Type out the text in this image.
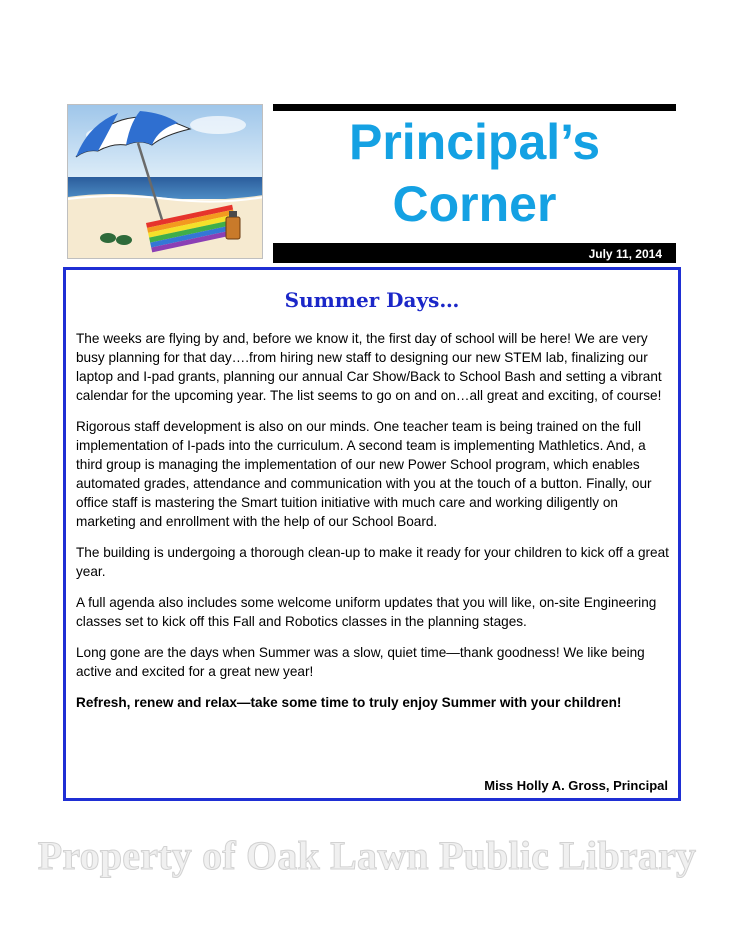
Principal’s
Corner
July 11, 2014
Summer Days…

The weeks are flying by and, before we know it, the first day of school will be here! We are very busy planning for that day….from hiring new staff to designing our new STEM lab, finalizing our laptop and I-pad grants, planning our annual Car Show/Back to School Bash and setting a vibrant calendar for the upcoming year. The list seems to go on and on…all great and exciting, of course!

Rigorous staff development is also on our minds. One teacher team is being trained on the full implementation of I-pads into the curriculum. A second team is implementing Mathletics. And, a third group is managing the implementation of our new Power School program, which enables automated grades, attendance and communication with you at the touch of a button. Finally, our office staff is mastering the Smart tuition initiative with much care and working diligently on marketing and enrollment with the help of our School Board.

The building is undergoing a thorough clean-up to make it ready for your children to kick off a great year.

A full agenda also includes some welcome uniform updates that you will like, on-site Engineering classes set to kick off this Fall and Robotics classes in the planning stages.

Long gone are the days when Summer was a slow, quiet time—thank goodness! We like being active and excited for a great new year!

Refresh, renew and relax—take some time to truly enjoy Summer with your children!

Miss Holly A. Gross, Principal
Property of Oak Lawn Public Library
